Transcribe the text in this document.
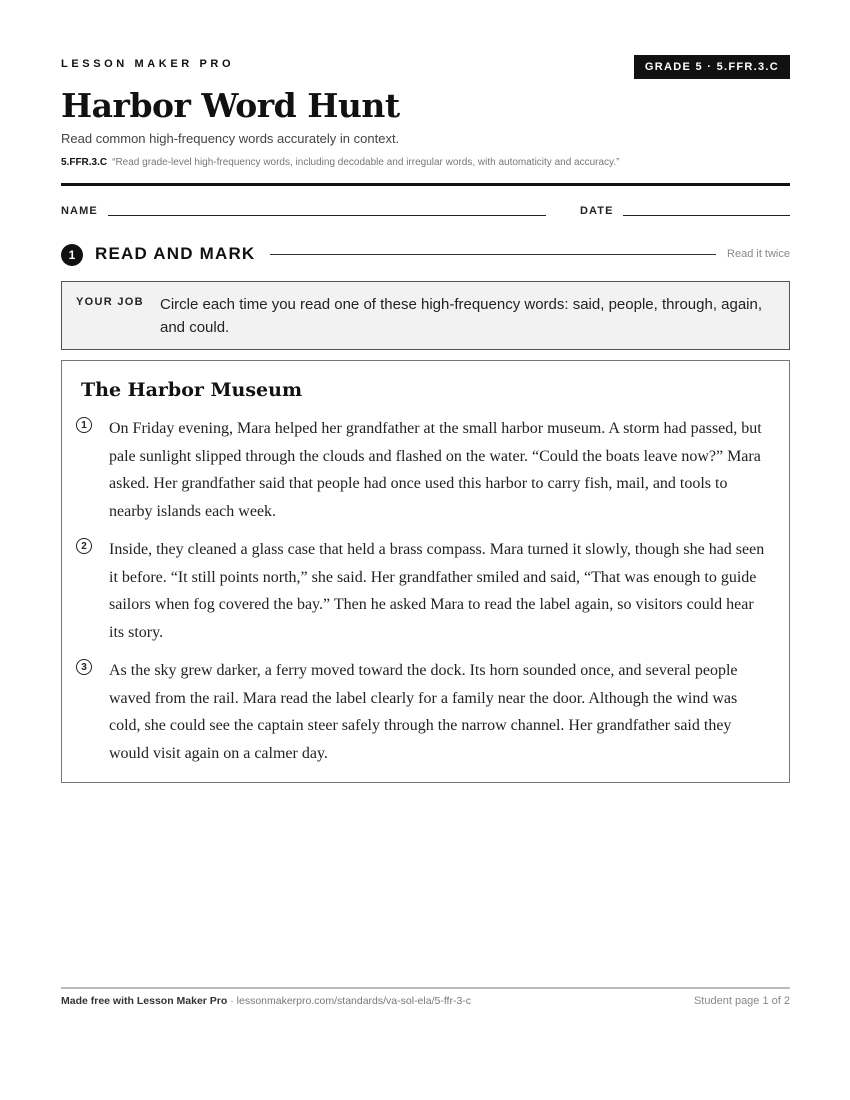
LESSON MAKER PRO	GRADE 5 · 5.FFR.3.C
Harbor Word Hunt
Read common high-frequency words accurately in context.
5.FFR.3.C “Read grade-level high-frequency words, including decodable and irregular words, with automaticity and accuracy.”
NAME	DATE
1	READ AND MARK	Read it twice
YOUR JOB Circle each time you read one of these high-frequency words: said, people, through, again, and could.
The Harbor Museum
1	On Friday evening, Mara helped her grandfather at the small harbor museum. A storm had passed, but pale sunlight slipped through the clouds and flashed on the water. “Could the boats leave now?” Mara asked. Her grandfather said that people had once used this harbor to carry fish, mail, and tools to nearby islands each week.
2	Inside, they cleaned a glass case that held a brass compass. Mara turned it slowly, though she had seen it before. “It still points north,” she said. Her grandfather smiled and said, “That was enough to guide sailors when fog covered the bay.” Then he asked Mara to read the label again, so visitors could hear its story.
3	As the sky grew darker, a ferry moved toward the dock. Its horn sounded once, and several people waved from the rail. Mara read the label clearly for a family near the door. Although the wind was cold, she could see the captain steer safely through the narrow channel. Her grandfather said they would visit again on a calmer day.
Made free with Lesson Maker Pro · lessonmakerpro.com/standards/va-sol-ela/5-ffr-3-c	Student page 1 of 2
